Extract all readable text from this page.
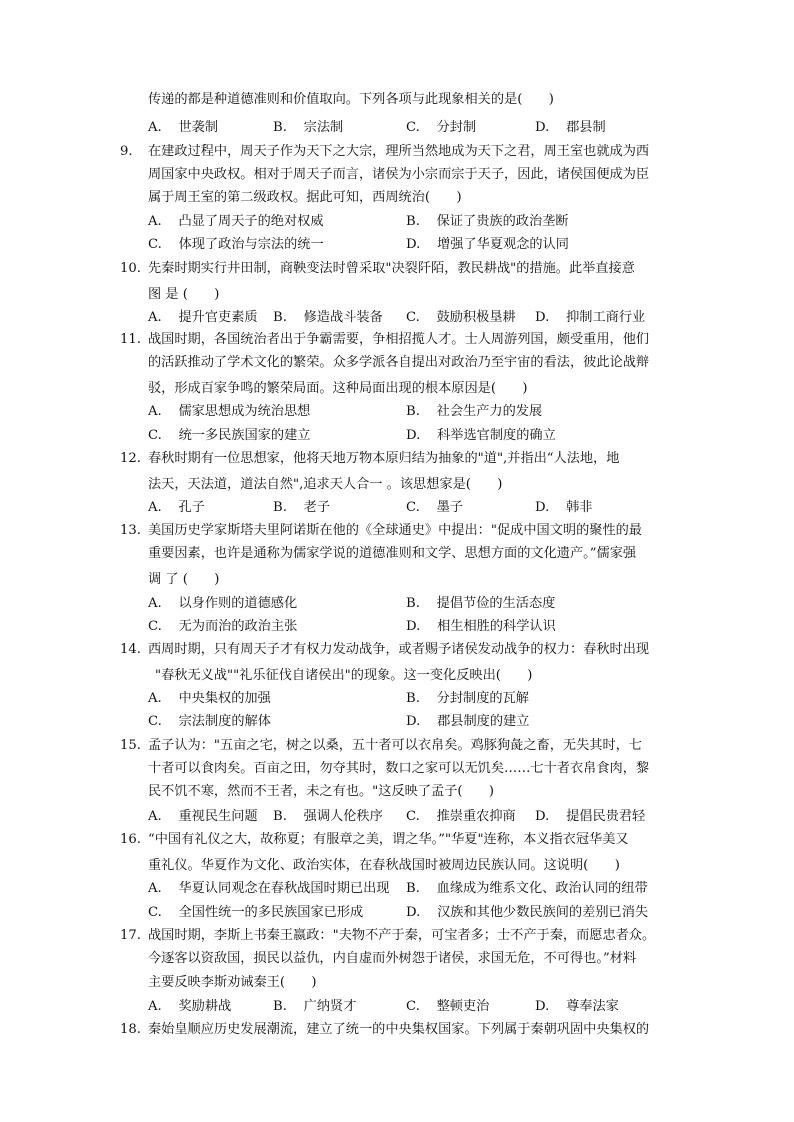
传递的都是种道德准则和价值取向。下列各项与此现象相关的是(　　)
A. 世袭制	B. 宗法制	C. 分封制	D. 郡县制
9. 在建政过程中，周天子作为天下之大宗，理所当然地成为天下之君，周王室也就成为西
周国家中央政权。相对于周天子而言，诸侯为小宗而宗于天子，因此，诸侯国便成为臣
属于周王室的第二级政权。据此可知，西周统治(　　)
A. 凸显了周天子的绝对权威	B. 保证了贵族的政治垄断
C. 体现了政治与宗法的统一	D. 增强了华夏观念的认同
10. 先秦时期实行井田制，商鞅变法时曾采取"决裂阡陌，教民耕战"的措施。此举直接意
图 是 (　　)
A. 提升官吏素质 B. 修造战斗装备 C. 鼓励积极垦耕 D. 抑制工商行业
11. 战国时期，各国统治者出于争霸需要，争相招揽人才。士人周游列国，颇受重用，他们
的活跃推动了学术文化的繁荣。众多学派各自提出对政治乃至宇宙的看法，彼此论战辩
驳，形成百家争鸣的繁荣局面。这种局面出现的根本原因是(　　)
A. 儒家思想成为统治思想	B. 社会生产力的发展
C. 统一多民族国家的建立	D. 科举选官制度的确立
12. 春秋时期有一位思想家，他将天地万物本原归结为抽象的"道",并指出“人法地，地
法天，天法道，道法自然",追求天人合一 。该思想家是(　　)
A. 孔子	B. 老子	C. 墨子	D. 韩非
13. 美国历史学家斯塔夫里阿诺斯在他的《全球通史》中提出："促成中国文明的聚性的最
重要因素，也许是通称为儒家学说的道德准则和文学、思想方面的文化遗产。”儒家强
调 了 (　　)
A. 以身作则的道德感化	B. 提倡节俭的生活态度
C. 无为而治的政治主张	D. 相生相胜的科学认识
14. 西周时期，只有周天子才有权力发动战争，或者赐予诸侯发动战争的权力：春秋时出现
"春秋无义战""礼乐征伐自诸侯出"的现象。这一变化反映出(　　)
A. 中央集权的加强	B. 分封制度的瓦解
C. 宗法制度的解体	D. 郡县制度的建立
15. 孟子认为："五亩之宅，树之以桑，五十者可以衣帛矣。鸡豚狗彘之畜，无失其时，七
十者可以食肉矣。百亩之田，勿夺其时，数口之家可以无饥矣……七十者衣帛食肉，黎
民不饥不寒，然而不王者，未之有也。"这反映了孟子(　　)
A. 重视民生问题 B. 强调人伦秩序 C. 推崇重农抑商 D. 提倡民贵君轻
16. “中国有礼仪之大，故称夏；有服章之美，谓之华。”"华夏"连称，本义指衣冠华美又
重礼仪。华夏作为文化、政治实体，在春秋战国时被周边民族认同。这说明(　　)
A. 华夏认同观念在春秋战国时期已出现 B. 血缘成为维系文化、政治认同的纽带
C. 全国性统一的多民族国家已形成	D. 汉族和其他少数民族间的差别已消失
17. 战国时期，李斯上书秦王嬴政："夫物不产于秦，可宝者多；士不产于秦，而愿忠者众。
今逐客以资敌国，损民以益仇，内自虚而外树怨于诸侯，求国无危，不可得也。”材料
主要反映李斯劝诫秦王(　　)
A. 奖励耕战	B. 广纳贤才	C. 整顿吏治	D. 尊奉法家
18. 秦始皇顺应历史发展潮流，建立了统一的中央集权国家。下列属于秦朝巩固中央集权的
